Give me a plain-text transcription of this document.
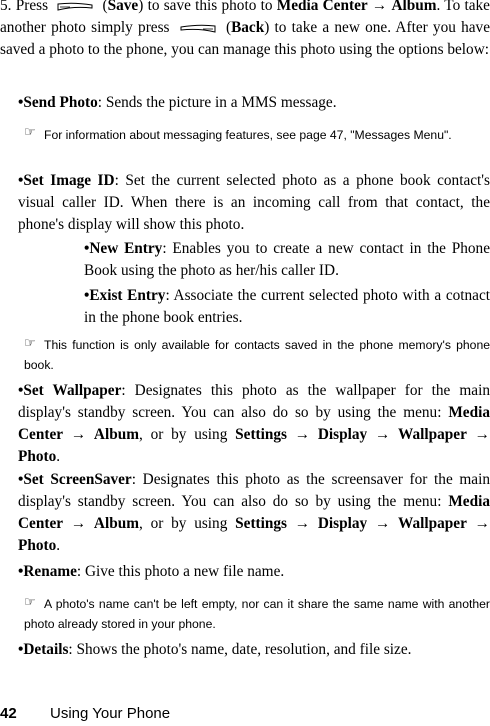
5. Press	(Save) to save this photo to Media Center → Album. To take another photo simply press	(Back) to take a new one. After you have saved a photo to the phone, you can manage this photo using the options below:

•Send Photo: Sends the picture in a MMS message.

☞ For information about messaging features, see page 47, "Messages Menu".

•Set Image ID: Set the current selected photo as a phone book contact's visual caller ID. When there is an incoming call from that contact, the phone's display will show this photo.

•New Entry: Enables you to create a new contact in the Phone Book using the photo as her/his caller ID.

•Exist Entry: Associate the current selected photo with a cotnact in the phone book entries.

☞ This function is only available for contacts saved in the phone memory's phone book.

•Set Wallpaper: Designates this photo as the wallpaper for the main display's standby screen. You can also do so by using the menu: Media Center → Album, or by using Settings → Display → Wallpaper → Photo.

•Set ScreenSaver: Designates this photo as the screensaver for the main display's standby screen. You can also do so by using the menu: Media Center → Album, or by using Settings → Display → Wallpaper → Photo.

•Rename: Give this photo a new file name.

☞ A photo's name can't be left empty, nor can it share the same name with another photo already stored in your phone.

•Details: Shows the photo's name, date, resolution, and file size.

42 Using Your Phone
